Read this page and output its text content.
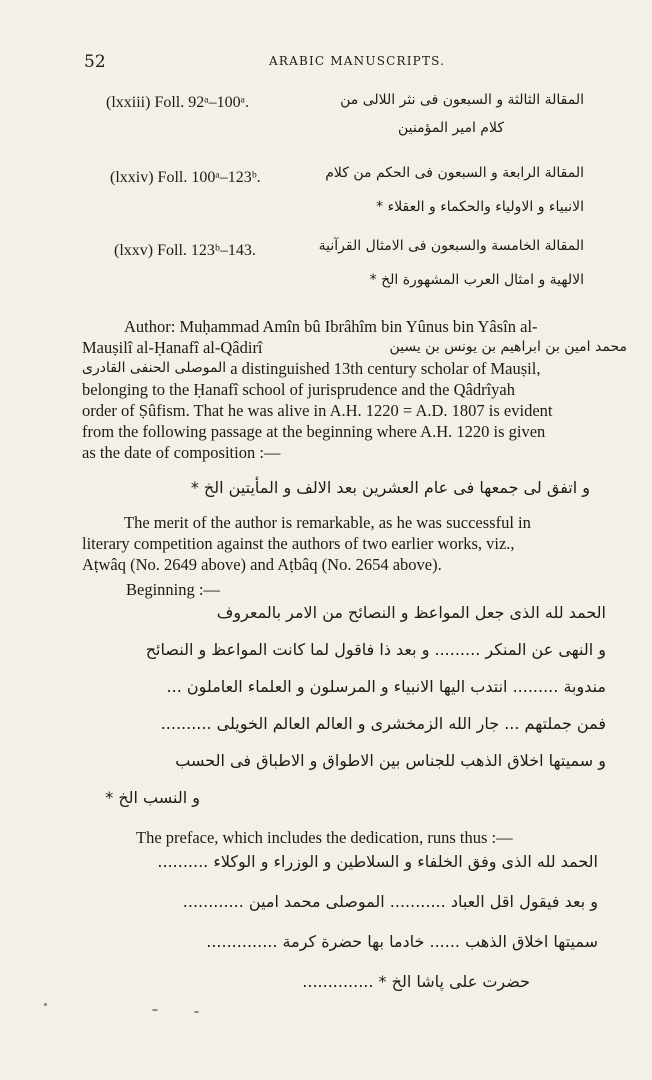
52	ARABIC MANUSCRIPTS.
(lxxiii) Foll. 92ᵃ–100ᵃ.	المقالة الثالثة و السبعون فی نثر اللالی من
كلام امير المؤمنين
(lxxiv) Foll. 100ᵃ–123ᵇ.	المقالة الرابعة و السبعون فی الحكم من كلام
الانبياء و الاولياء والحكماء و العقلاء *
(lxxv) Foll. 123ᵇ–143.	المقالة الخامسة والسبعون فی الامثال القرآنية
الالهية و امثال العرب المشهورة الخ *

Author: Muḥammad Amîn bû Ibrâhîm bin Yûnus bin Yâsîn al-

Mauṣilî al-Ḥanafî al-Qâdirî	محمد امين بن ابراهيم بن يونس بن يسين

الموصلی الحنفی القادری a distinguished 13th century scholar of Mauṣil,

belonging to the Ḥanafî school of jurisprudence and the Qâdrîyah

order of Ṣûfism. That he was alive in A.H. 1220 = A.D. 1807 is evident

from the following passage at the beginning where A.H. 1220 is given

as the date of composition :—

و اتفق لی جمعها فی عام العشرين بعد الالف و المأيتين الخ *

The merit of the author is remarkable, as he was successful in

literary competition against the authors of two earlier works, viz.,

Aṭwâq (No. 2649 above) and Aṭbâq (No. 2654 above).

Beginning :—
الحمد لله الذی جعل المواعظ و النصائح من الامر بالمعروف
و النهی عن المنكر ......... و بعد ذا فاقول لما كانت المواعظ و النصائح
مندوبة ......... انتدب اليها الانبياء و المرسلون و العلماء العاملون ...
فمن جملتهم ... جار الله الزمخشری و العالم العالم الخويلی ..........
و سميتها اخلاق الذهب للجناس بين الاطواق و الاطباق فی الحسب
و النسب الخ *
The preface, which includes the dedication, runs thus :—
الحمد لله الذی وفق الخلفاء و السلاطين و الوزراء و الوكلاء ..........
و بعد فيقول اقل العباد ........... الموصلی محمد امين ............
سميتها اخلاق الذهب ...... خادما بها حضرة كرمة ..............
حضرت علی پاشا الخ * ..............
